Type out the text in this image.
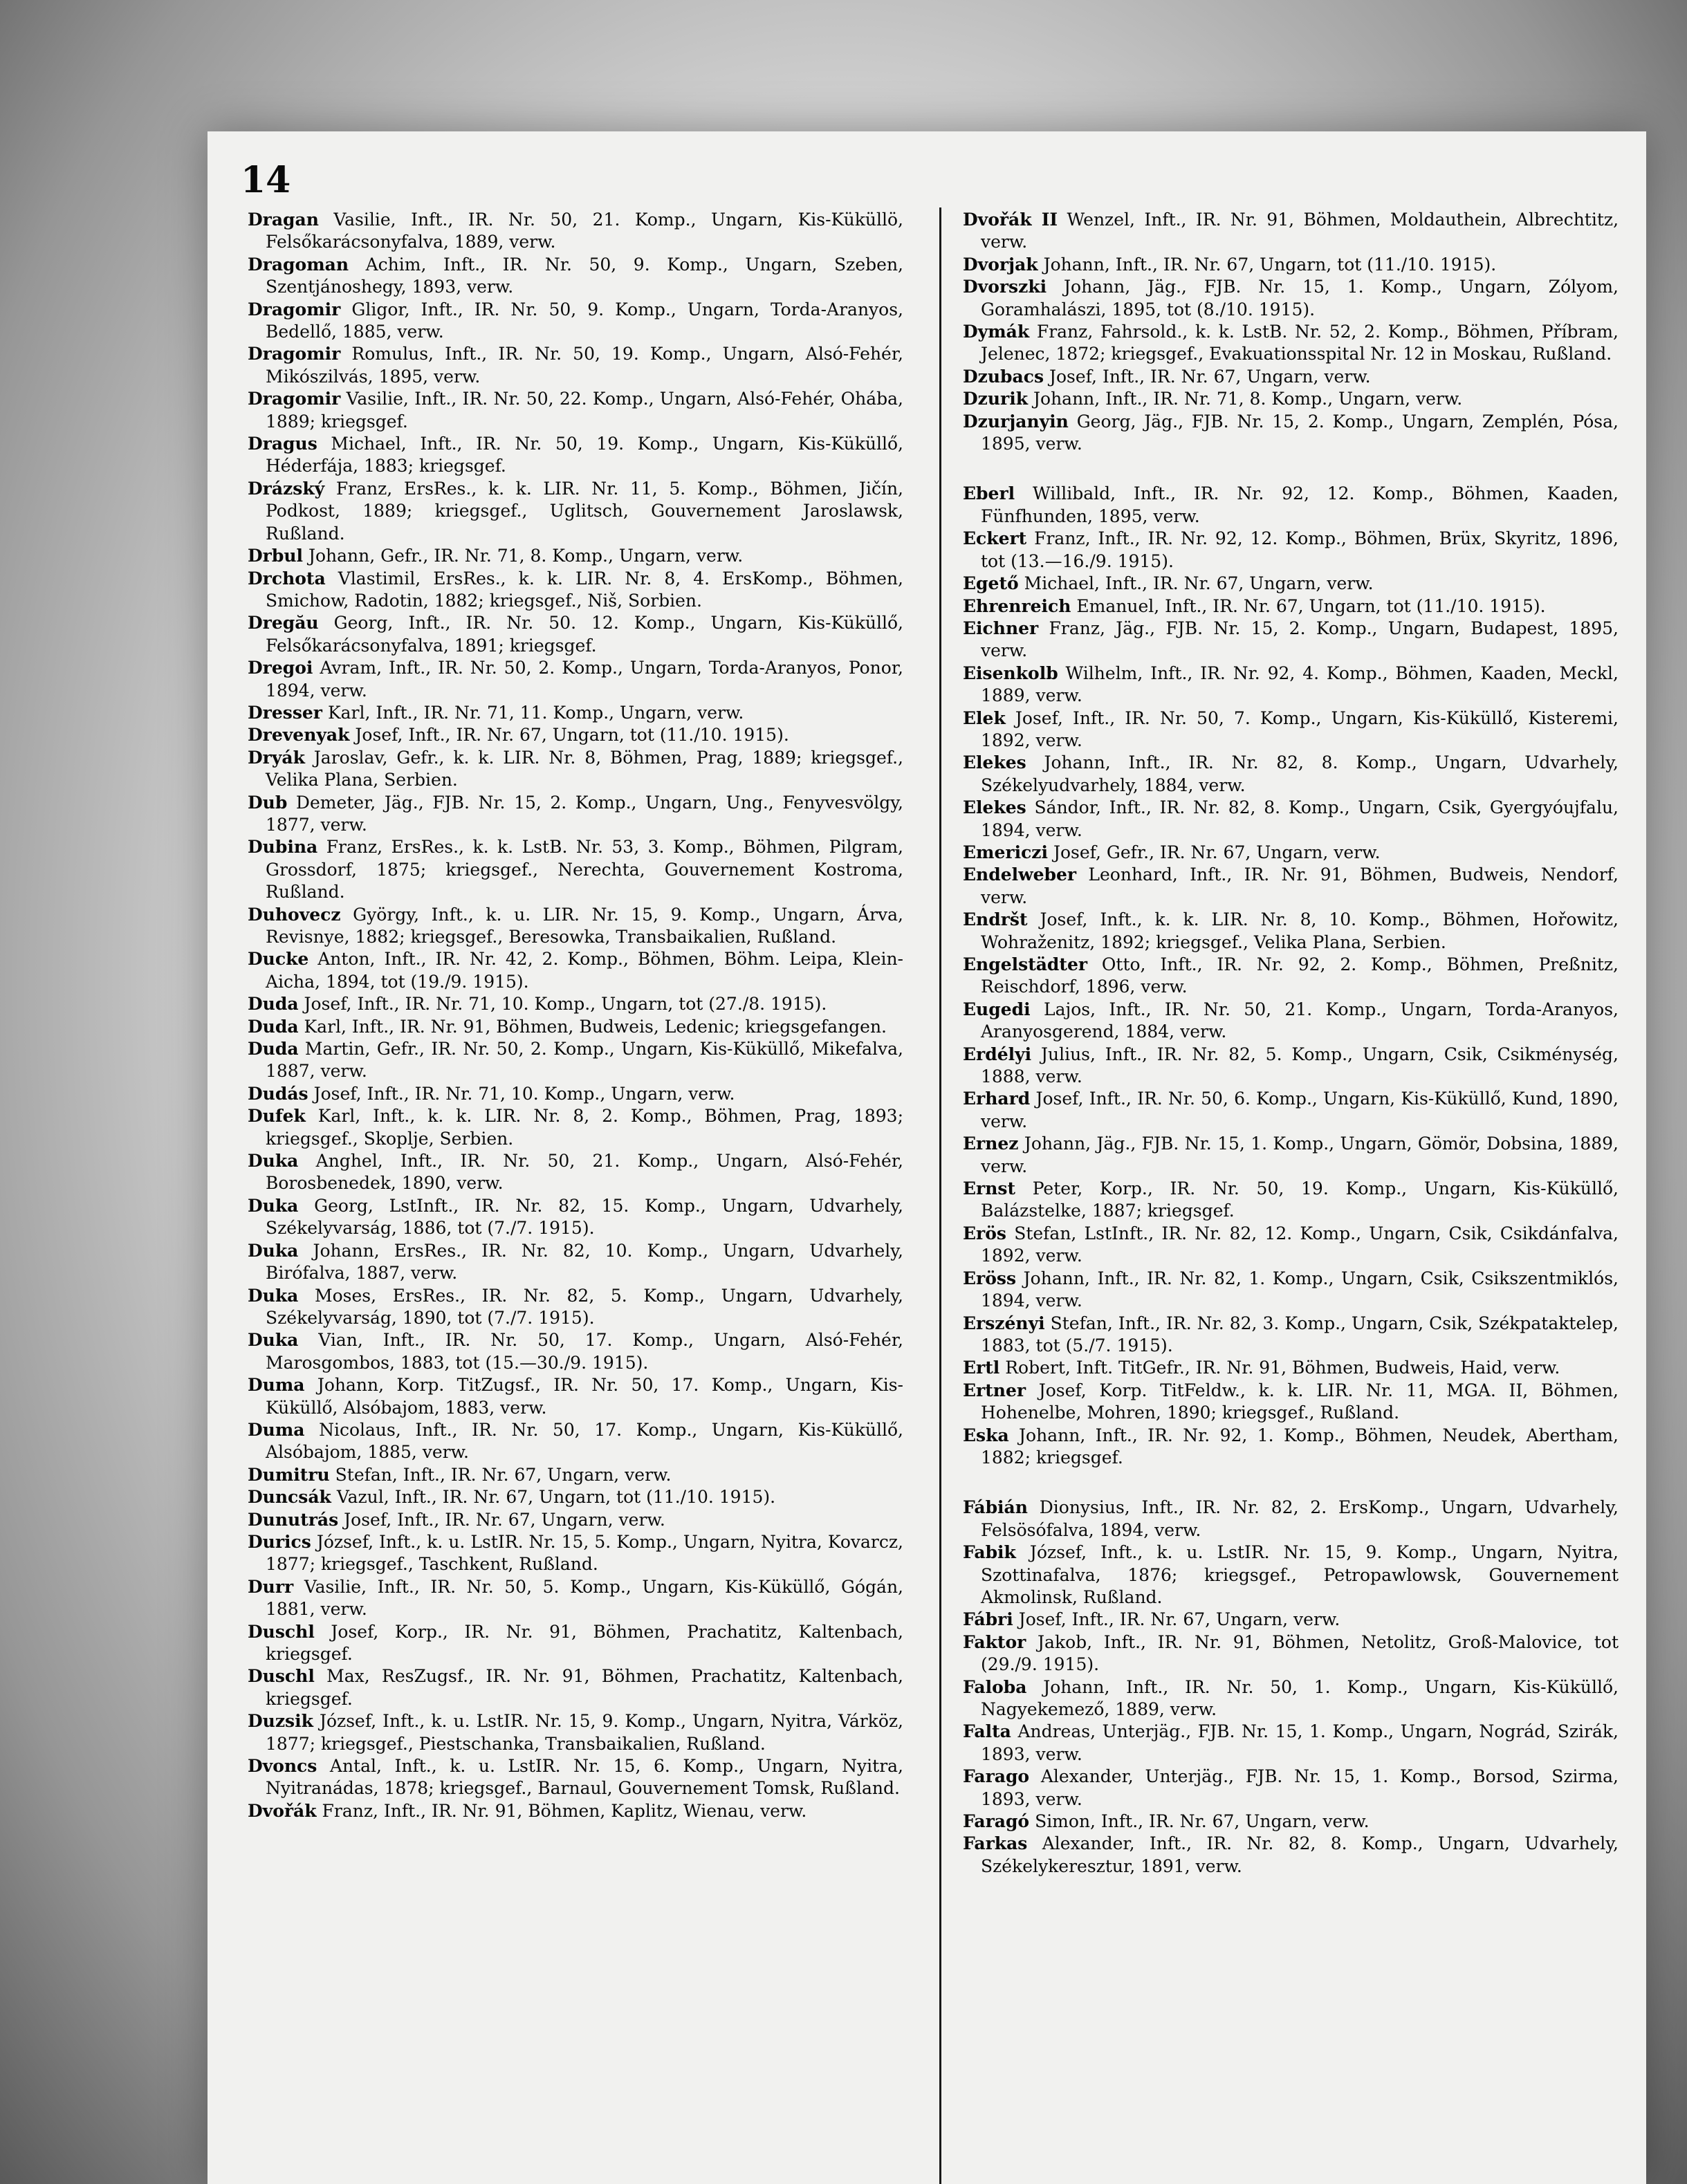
14

Dragan Vasilie, Inft., IR. Nr. 50, 21. Komp., Ungarn, Kis-Küküllö, Felsőkarácsonyfalva, 1889, verw.

Dragoman Achim, Inft., IR. Nr. 50, 9. Komp., Ungarn, Szeben, Szentjánoshegy, 1893, verw.

Dragomir Gligor, Inft., IR. Nr. 50, 9. Komp., Ungarn, Torda-Aranyos, Bedellő, 1885, verw.

Dragomir Romulus, Inft., IR. Nr. 50, 19. Komp., Ungarn, Alsó-Fehér, Mikószilvás, 1895, verw.

Dragomir Vasilie, Inft., IR. Nr. 50, 22. Komp., Ungarn, Alsó-Fehér, Ohába, 1889; kriegsgef.

Dragus Michael, Inft., IR. Nr. 50, 19. Komp., Ungarn, Kis-Küküllő, Héderfája, 1883; kriegsgef.

Drázský Franz, ErsRes., k. k. LIR. Nr. 11, 5. Komp., Böhmen, Jičín, Podkost, 1889; kriegsgef., Uglitsch, Gouvernement Jaroslawsk, Rußland.

Drbul Johann, Gefr., IR. Nr. 71, 8. Komp., Ungarn, verw.

Drchota Vlastimil, ErsRes., k. k. LIR. Nr. 8, 4. ErsKomp., Böhmen, Smichow, Radotin, 1882; kriegsgef., Niš, Sorbien.

Dregău Georg, Inft., IR. Nr. 50. 12. Komp., Ungarn, Kis-Küküllő, Felsőkarácsonyfalva, 1891; kriegsgef.

Dregoi Avram, Inft., IR. Nr. 50, 2. Komp., Ungarn, Torda-Aranyos, Ponor, 1894, verw.

Dresser Karl, Inft., IR. Nr. 71, 11. Komp., Ungarn, verw.

Drevenyak Josef, Inft., IR. Nr. 67, Ungarn, tot (11./10. 1915).

Dryák Jaroslav, Gefr., k. k. LIR. Nr. 8, Böhmen, Prag, 1889; kriegsgef., Velika Plana, Serbien.

Dub Demeter, Jäg., FJB. Nr. 15, 2. Komp., Ungarn, Ung., Fenyvesvölgy, 1877, verw.

Dubina Franz, ErsRes., k. k. LstB. Nr. 53, 3. Komp., Böhmen, Pilgram, Grossdorf, 1875; kriegsgef., Nerechta, Gouvernement Kostroma, Rußland.

Duhovecz György, Inft., k. u. LIR. Nr. 15, 9. Komp., Ungarn, Árva, Revisnye, 1882; kriegsgef., Beresowka, Transbaikalien, Rußland.

Ducke Anton, Inft., IR. Nr. 42, 2. Komp., Böhmen, Böhm. Leipa, Klein-Aicha, 1894, tot (19./9. 1915).

Duda Josef, Inft., IR. Nr. 71, 10. Komp., Ungarn, tot (27./8. 1915).

Duda Karl, Inft., IR. Nr. 91, Böhmen, Budweis, Ledenic; kriegsgefangen.

Duda Martin, Gefr., IR. Nr. 50, 2. Komp., Ungarn, Kis-Küküllő, Mikefalva, 1887, verw.

Dudás Josef, Inft., IR. Nr. 71, 10. Komp., Ungarn, verw.

Dufek Karl, Inft., k. k. LIR. Nr. 8, 2. Komp., Böhmen, Prag, 1893; kriegsgef., Skoplje, Serbien.

Duka Anghel, Inft., IR. Nr. 50, 21. Komp., Ungarn, Alsó-Fehér, Borosbenedek, 1890, verw.

Duka Georg, LstInft., IR. Nr. 82, 15. Komp., Ungarn, Udvarhely, Székelyvarság, 1886, tot (7./7. 1915).

Duka Johann, ErsRes., IR. Nr. 82, 10. Komp., Ungarn, Udvarhely, Birófalva, 1887, verw.

Duka Moses, ErsRes., IR. Nr. 82, 5. Komp., Ungarn, Udvarhely, Székelyvarság, 1890, tot (7./7. 1915).

Duka Vian, Inft., IR. Nr. 50, 17. Komp., Ungarn, Alsó-Fehér, Marosgombos, 1883, tot (15.—30./9. 1915).

Duma Johann, Korp. TitZugsf., IR. Nr. 50, 17. Komp., Ungarn, Kis-Küküllő, Alsóbajom, 1883, verw.

Duma Nicolaus, Inft., IR. Nr. 50, 17. Komp., Ungarn, Kis-Küküllő, Alsóbajom, 1885, verw.

Dumitru Stefan, Inft., IR. Nr. 67, Ungarn, verw.

Duncsák Vazul, Inft., IR. Nr. 67, Ungarn, tot (11./10. 1915).

Dunutrás Josef, Inft., IR. Nr. 67, Ungarn, verw.

Durics József, Inft., k. u. LstIR. Nr. 15, 5. Komp., Ungarn, Nyitra, Kovarcz, 1877; kriegsgef., Taschkent, Rußland.

Durr Vasilie, Inft., IR. Nr. 50, 5. Komp., Ungarn, Kis-Küküllő, Gógán, 1881, verw.

Duschl Josef, Korp., IR. Nr. 91, Böhmen, Prachatitz, Kaltenbach, kriegsgef.

Duschl Max, ResZugsf., IR. Nr. 91, Böhmen, Prachatitz, Kaltenbach, kriegsgef.

Duzsik József, Inft., k. u. LstIR. Nr. 15, 9. Komp., Ungarn, Nyitra, Várköz, 1877; kriegsgef., Piestschanka, Transbaikalien, Rußland.

Dvoncs Antal, Inft., k. u. LstIR. Nr. 15, 6. Komp., Ungarn, Nyitra, Nyitranádas, 1878; kriegsgef., Barnaul, Gouvernement Tomsk, Rußland.

Dvořák Franz, Inft., IR. Nr. 91, Böhmen, Kaplitz, Wienau, verw.

Dvořák II Wenzel, Inft., IR. Nr. 91, Böhmen, Moldauthein, Albrechtitz, verw.

Dvorjak Johann, Inft., IR. Nr. 67, Ungarn, tot (11./10. 1915).

Dvorszki Johann, Jäg., FJB. Nr. 15, 1. Komp., Ungarn, Zólyom, Goramhalászi, 1895, tot (8./10. 1915).

Dymák Franz, Fahrsold., k. k. LstB. Nr. 52, 2. Komp., Böhmen, Příbram, Jelenec, 1872; kriegsgef., Evakuationsspital Nr. 12 in Moskau, Rußland.

Dzubacs Josef, Inft., IR. Nr. 67, Ungarn, verw.

Dzurik Johann, Inft., IR. Nr. 71, 8. Komp., Ungarn, verw.

Dzurjanyin Georg, Jäg., FJB. Nr. 15, 2. Komp., Ungarn, Zemplén, Pósa, 1895, verw.

Eberl Willibald, Inft., IR. Nr. 92, 12. Komp., Böhmen, Kaaden, Fünfhunden, 1895, verw.

Eckert Franz, Inft., IR. Nr. 92, 12. Komp., Böhmen, Brüx, Skyritz, 1896, tot (13.—16./9. 1915).

Egető Michael, Inft., IR. Nr. 67, Ungarn, verw.

Ehrenreich Emanuel, Inft., IR. Nr. 67, Ungarn, tot (11./10. 1915).

Eichner Franz, Jäg., FJB. Nr. 15, 2. Komp., Ungarn, Budapest, 1895, verw.

Eisenkolb Wilhelm, Inft., IR. Nr. 92, 4. Komp., Böhmen, Kaaden, Meckl, 1889, verw.

Elek Josef, Inft., IR. Nr. 50, 7. Komp., Ungarn, Kis-Küküllő, Kisteremi, 1892, verw.

Elekes Johann, Inft., IR. Nr. 82, 8. Komp., Ungarn, Udvarhely, Székelyudvarhely, 1884, verw.

Elekes Sándor, Inft., IR. Nr. 82, 8. Komp., Ungarn, Csik, Gyergyóujfalu, 1894, verw.

Emericzi Josef, Gefr., IR. Nr. 67, Ungarn, verw.

Endelweber Leonhard, Inft., IR. Nr. 91, Böhmen, Budweis, Nendorf, verw.

Endršt Josef, Inft., k. k. LIR. Nr. 8, 10. Komp., Böhmen, Hořowitz, Wohraženitz, 1892; kriegsgef., Velika Plana, Serbien.

Engelstädter Otto, Inft., IR. Nr. 92, 2. Komp., Böhmen, Preßnitz, Reischdorf, 1896, verw.

Eugedi Lajos, Inft., IR. Nr. 50, 21. Komp., Ungarn, Torda-Aranyos, Aranyosgerend, 1884, verw.

Erdélyi Julius, Inft., IR. Nr. 82, 5. Komp., Ungarn, Csik, Csikménység, 1888, verw.

Erhard Josef, Inft., IR. Nr. 50, 6. Komp., Ungarn, Kis-Küküllő, Kund, 1890, verw.

Ernez Johann, Jäg., FJB. Nr. 15, 1. Komp., Ungarn, Gömör, Dobsina, 1889, verw.

Ernst Peter, Korp., IR. Nr. 50, 19. Komp., Ungarn, Kis-Küküllő, Balázstelke, 1887; kriegsgef.

Erös Stefan, LstInft., IR. Nr. 82, 12. Komp., Ungarn, Csik, Csikdánfalva, 1892, verw.

Eröss Johann, Inft., IR. Nr. 82, 1. Komp., Ungarn, Csik, Csikszentmiklós, 1894, verw.

Erszényi Stefan, Inft., IR. Nr. 82, 3. Komp., Ungarn, Csik, Székpataktelep, 1883, tot (5./7. 1915).

Ertl Robert, Inft. TitGefr., IR. Nr. 91, Böhmen, Budweis, Haid, verw.

Ertner Josef, Korp. TitFeldw., k. k. LIR. Nr. 11, MGA. II, Böhmen, Hohenelbe, Mohren, 1890; kriegsgef., Rußland.

Eska Johann, Inft., IR. Nr. 92, 1. Komp., Böhmen, Neudek, Abertham, 1882; kriegsgef.

Fábián Dionysius, Inft., IR. Nr. 82, 2. ErsKomp., Ungarn, Udvarhely, Felsösófalva, 1894, verw.

Fabik József, Inft., k. u. LstIR. Nr. 15, 9. Komp., Ungarn, Nyitra, Szottinafalva, 1876; kriegsgef., Petropawlowsk, Gouvernement Akmolinsk, Rußland.

Fábri Josef, Inft., IR. Nr. 67, Ungarn, verw.

Faktor Jakob, Inft., IR. Nr. 91, Böhmen, Netolitz, Groß-Malovice, tot (29./9. 1915).

Faloba Johann, Inft., IR. Nr. 50, 1. Komp., Ungarn, Kis-Küküllő, Nagyekemező, 1889, verw.

Falta Andreas, Unterjäg., FJB. Nr. 15, 1. Komp., Ungarn, Nográd, Szirák, 1893, verw.

Farago Alexander, Unterjäg., FJB. Nr. 15, 1. Komp., Borsod, Szirma, 1893, verw.

Faragó Simon, Inft., IR. Nr. 67, Ungarn, verw.

Farkas Alexander, Inft., IR. Nr. 82, 8. Komp., Ungarn, Udvarhely, Székelykeresztur, 1891, verw.
